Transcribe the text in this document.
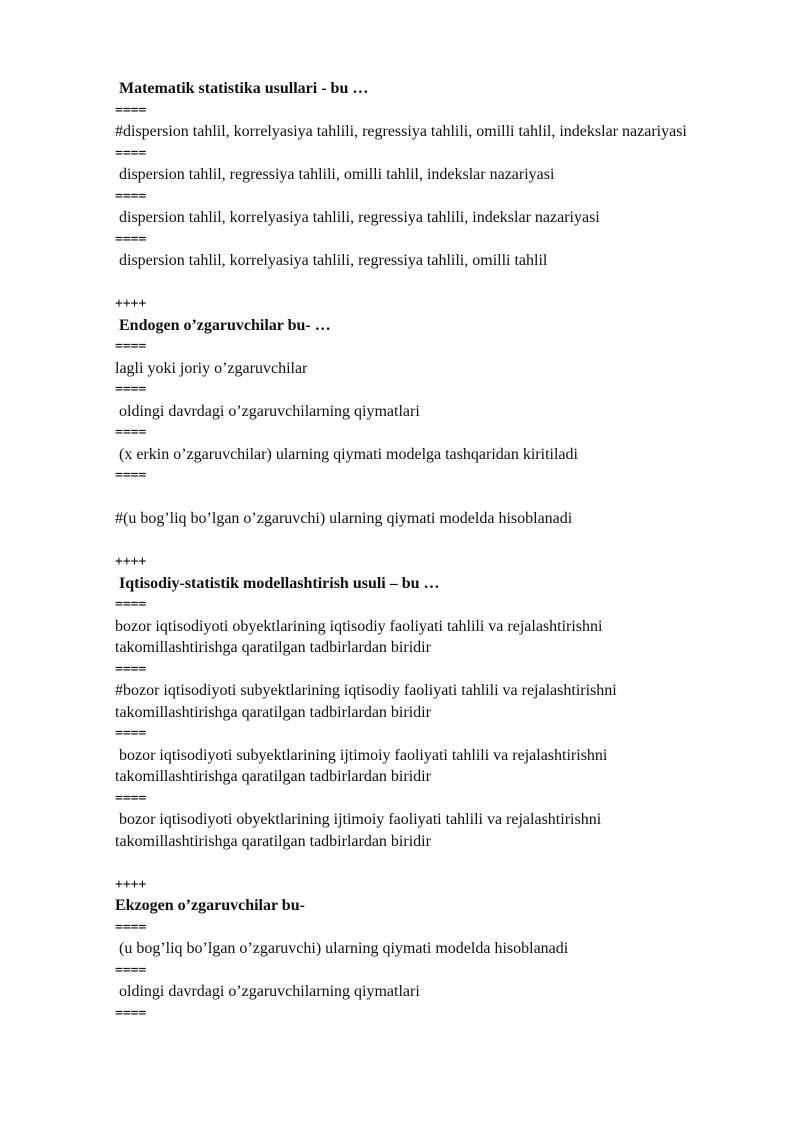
Matematik statistika usullari - bu …
====
#dispersion tahlil, korrelyasiya tahlili, regressiya tahlili, omilli tahlil, indekslar nazariyasi
====
dispersion tahlil, regressiya tahlili, omilli tahlil, indekslar nazariyasi
====
dispersion tahlil, korrelyasiya tahlili, regressiya tahlili, indekslar nazariyasi
====
dispersion tahlil, korrelyasiya tahlili, regressiya tahlili, omilli tahlil
++++
Endogen o’zgaruvchilar bu- …
====
lagli yoki joriy o’zgaruvchilar
====
oldingi davrdagi o’zgaruvchilarning qiymatlari
====
(x erkin o’zgaruvchilar) ularning qiymati modelga tashqaridan kiritiladi
====
#(u bog’liq bo’lgan o’zgaruvchi) ularning qiymati modelda hisoblanadi
++++
Iqtisodiy-statistik modellashtirish usuli – bu …
====
bozor iqtisodiyoti obyektlarining iqtisodiy faoliyati tahlili va rejalashtirishni takomillashtirishga qaratilgan tadbirlardan biridir
====
#bozor iqtisodiyoti subyektlarining iqtisodiy faoliyati tahlili va rejalashtirishni takomillashtirishga qaratilgan tadbirlardan biridir
====
bozor iqtisodiyoti subyektlarining ijtimoiy faoliyati tahlili va rejalashtirishni takomillashtirishga qaratilgan tadbirlardan biridir
====
bozor iqtisodiyoti obyektlarining ijtimoiy faoliyati tahlili va rejalashtirishni takomillashtirishga qaratilgan tadbirlardan biridir
++++
Ekzogen o’zgaruvchilar bu-
====
(u bog’liq bo’lgan o’zgaruvchi) ularning qiymati modelda hisoblanadi
====
oldingi davrdagi o’zgaruvchilarning qiymatlari
====
